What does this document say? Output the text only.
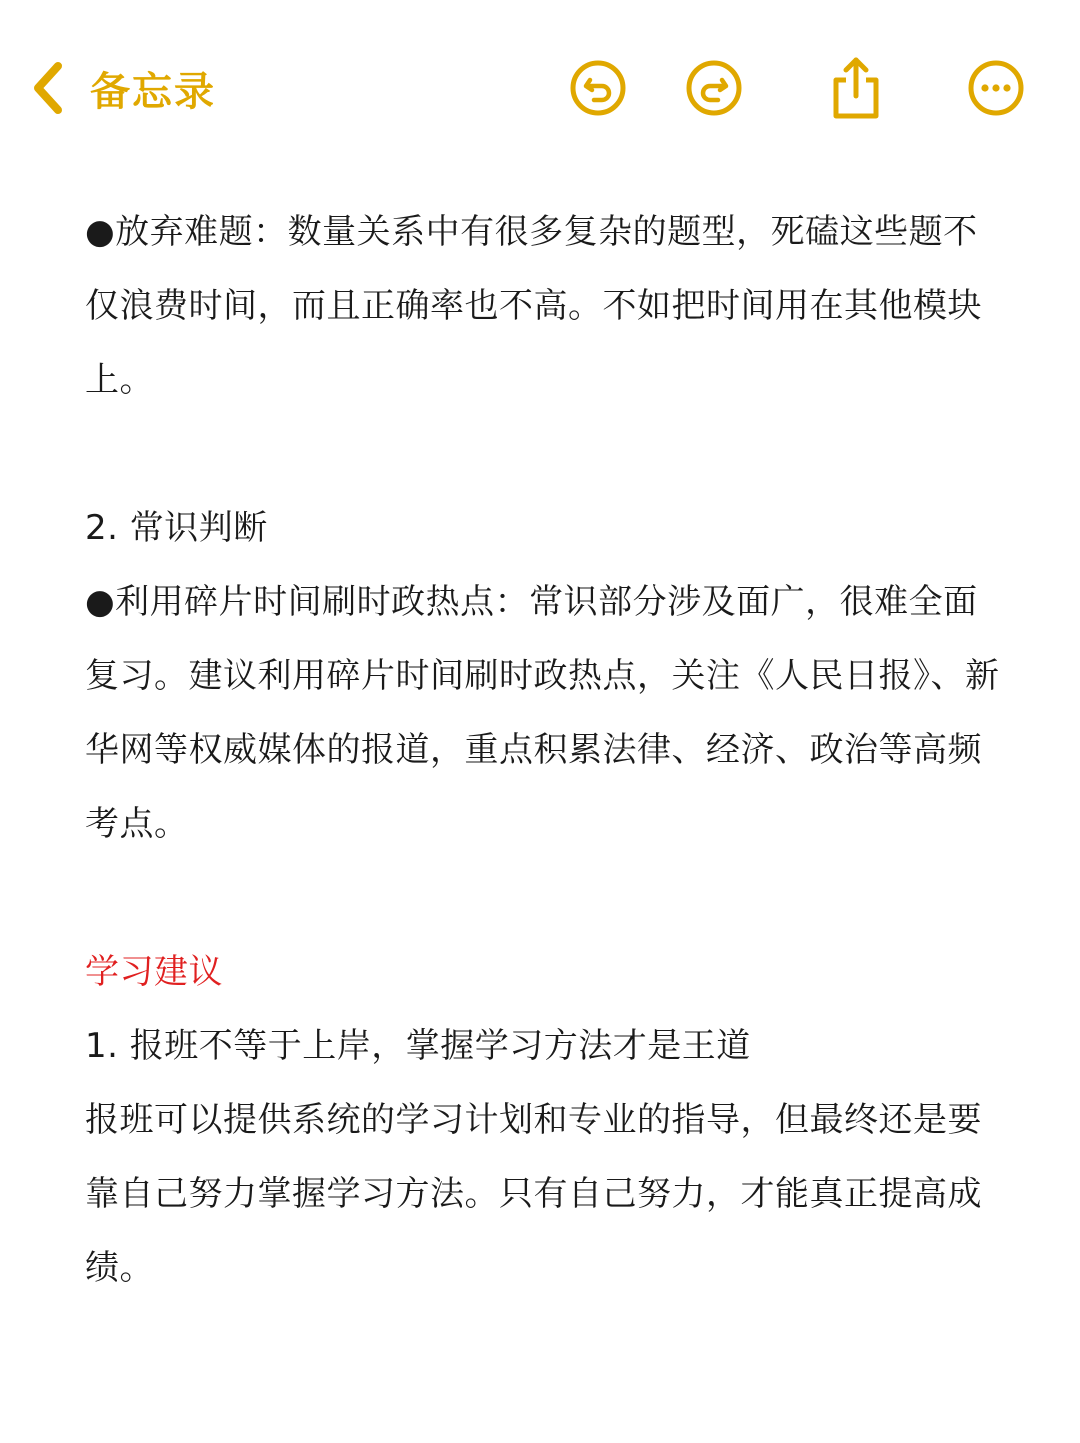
备忘录

●放弃难题：数量关系中有很多复杂的题型，死磕这些题不仅浪费时间，而且正确率也不高。不如把时间用在其他模块上。

2. 常识判断

●利用碎片时间刷时政热点：常识部分涉及面广，很难全面复习。建议利用碎片时间刷时政热点，关注《人民日报》、新华网等权威媒体的报道，重点积累法律、经济、政治等高频考点。

学习建议

1. 报班不等于上岸，掌握学习方法才是王道

报班可以提供系统的学习计划和专业的指导，但最终还是要靠自己努力掌握学习方法。只有自己努力，才能真正提高成绩。
